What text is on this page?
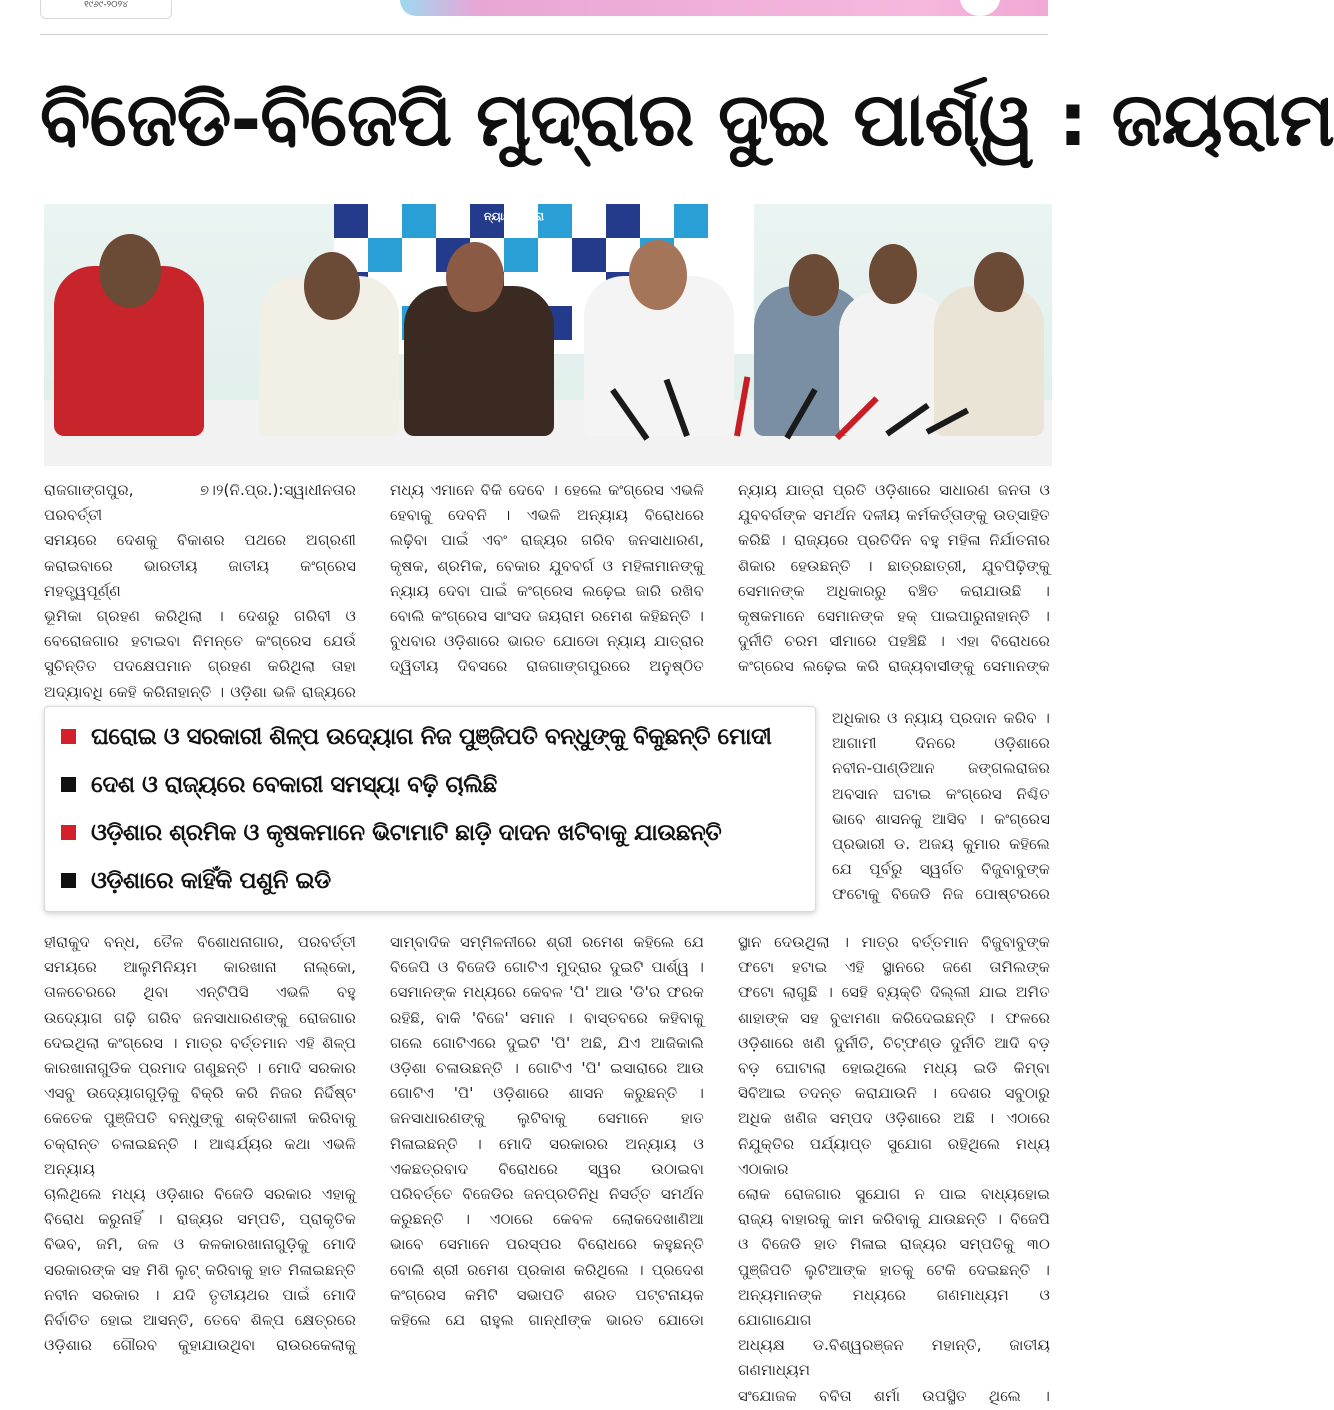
୧୯୬୯-୨୦୨୪
ବିଜେଡି-ବିଜେପି ମୁଦ୍ରାର ଦୁଇ ପାର୍ଶ୍ୱ : ଜୟରାମ
ନ୍ୟାୟ ଯାତ୍ରା

ରାଜଗାଙ୍ଗପୁର, ୭।୨(ନି.ପ୍ର.):ସ୍ୱାଧୀନତାର ପରବର୍ତ୍ତୀ

ସମୟରେ ଦେଶକୁ ବିକାଶର ପଥରେ ଅଗ୍ରଣୀ

କରାଇବାରେ ଭାରତୀୟ ଜାତୀୟ କଂଗ୍ରେସ ମହତ୍ତ୍ୱପୂର୍ଣ୍ଣ

ଭୂମିକା ଗ୍ରହଣ କରିଥିଲା । ଦେଶରୁ ଗରିବୀ ଓ

ବେରୋଜଗାର ହଟାଇବା ନିମନ୍ତେ କଂଗ୍ରେସ ଯେଉଁ

ସୁଚିନ୍ତିତ ପଦକ୍ଷେପମାନ ଗ୍ରହଣ କରିଥିଲା ତାହା

ଅଦ୍ୟାବଧି କେହି କରିନାହାନ୍ତି । ଓଡ଼ିଶା ଭଳି ରାଜ୍ୟରେ

ମଧ୍ୟ ଏମାନେ ବିକି ଦେବେ । ହେଲେ କଂଗ୍ରେସ ଏଭଳି

ହେବାକୁ ଦେବନି । ଏଭଳି ଅନ୍ୟାୟ ବିରୋଧରେ

ଲଢ଼ିବା ପାଇଁ ଏବଂ ରାଜ୍ୟର ଗରିବ ଜନସାଧାରଣ,

କୃଷକ, ଶ୍ରମିକ, ବେକାର ଯୁବବର୍ଗ ଓ ମହିଳାମାନଙ୍କୁ

ନ୍ୟାୟ ଦେବା ପାଇଁ କଂଗ୍ରେସ ଲଢ଼େଇ ଜାରି ରଖିବ

ବୋଲି କଂଗ୍ରେସ ସାଂସଦ ଜୟରାମ ରମେଶ କହିଛନ୍ତି ।

ବୁଧବାର ଓଡ଼ିଶାରେ ଭାରତ ଯୋଡୋ ନ୍ୟାୟ ଯାତ୍ରାର

ଦ୍ୱିତୀୟ ଦିବସରେ ରାଜଗାଙ୍ଗପୁରରେ ଅନୁଷ୍ଠିତ

ନ୍ୟାୟ ଯାତ୍ରା ପ୍ରତି ଓଡ଼ିଶାରେ ସାଧାରଣ ଜନତା ଓ

ଯୁବବର୍ଗଙ୍କ ସମର୍ଥନ ଦଳୀୟ କର୍ମକର୍ତ୍ତାଙ୍କୁ ଉତ୍ସାହିତ

କରିଛି । ରାଜ୍ୟରେ ପ୍ରତିଦିନ ବହୁ ମହିଳା ନିର୍ଯାତନାର

ଶିକାର ହେଉଛନ୍ତି । ଛାତ୍ରଛାତ୍ରୀ, ଯୁବପିଢ଼ିଙ୍କୁ

ସେମାନଙ୍କ ଅଧିକାରରୁ ବଞ୍ଚିତ କରାଯାଉଛି ।

କୃଷକମାନେ ସେମାନଙ୍କ ହକ୍ ପାଇପାରୁନାହାନ୍ତି ।

ଦୁର୍ନୀତି ଚରମ ସୀମାରେ ପହଞ୍ଚିଛି । ଏହା ବିରୋଧରେ

କଂଗ୍ରେସ ଲଢ଼େଇ କରି ରାଜ୍ୟବାସୀଙ୍କୁ ସେମାନଙ୍କ

ଅଧିକାର ଓ ନ୍ୟାୟ ପ୍ରଦାନ କରିବ ।

ଆଗାମୀ ଦିନରେ ଓଡ଼ିଶାରେ

ନବୀନ-ପାଣ୍ଡିଆନ ଜଙ୍ଗଲରାଜର

ଅବସାନ ଘଟାଇ କଂଗ୍ରେସ ନିଶ୍ଚିତ

ଭାବେ ଶାସନକୁ ଆସିବ । କଂଗ୍ରେସ

ପ୍ରଭାରୀ ଡ. ଅଜୟ କୁମାର କହିଲେ

ଯେ ପୂର୍ବରୁ ସ୍ୱର୍ଗତ ବିଜୁବାବୁଙ୍କ

ଫଟୋକୁ ବିଜେଡି ନିଜ ପୋଷ୍ଟରରେ

ଘରୋଇ ଓ ସରକାରୀ ଶିଳ୍ପ ଉଦ୍ୟୋଗ ନିଜ ପୁଞ୍ଜିପତି ବନ୍ଧୁଙ୍କୁ ବିକୁଛନ୍ତି ମୋଦୀ
ଦେଶ ଓ ରାଜ୍ୟରେ ବେକାରୀ ସମସ୍ୟା ବଢ଼ି ଚାଲିଛି
ଓଡ଼ିଶାର ଶ୍ରମିକ ଓ କୃଷକମାନେ ଭିଟାମାଟି ଛାଡ଼ି ଦାଦନ ଖଟିବାକୁ ଯାଉଛନ୍ତି
ଓଡ଼ିଶାରେ କାହିଁକି ପଶୁନି ଇଡି

ହୀରାକୁଦ ବନ୍ଧ, ତୈଳ ବିଶୋଧନାଗାର, ପରବର୍ତ୍ତୀ

ସମୟରେ ଆଲୁମିନିୟମ କାରଖାନା ନାଲ୍କୋ,

ତାଳଚେରରେ ଥିବା ଏନ୍‌ଟିପିସି ଏଭଳି ବହୁ

ଉଦ୍ୟୋଗ ଗଢ଼ି ଗରିବ ଜନସାଧାରଣଙ୍କୁ ରୋଜଗାର

ଦେଇଥିଲା କଂଗ୍ରେସ । ମାତ୍ର ବର୍ତ୍ତମାନ ଏହି ଶିଳ୍ପ

କାରଖାନାଗୁଡିକ ପ୍ରମାଦ ଗଣୁଛନ୍ତି । ମୋଦି ସରକାର

ଏସବୁ ଉଦ୍ୟୋଗଗୁଡ଼ିକୁ ବିକ୍ରି କରି ନିଜର ନିର୍ଦ୍ଦିଷ୍ଟ

କେତେକ ପୁଞ୍ଜିପତି ବନ୍ଧୁଙ୍କୁ ଶକ୍ତିଶାଳୀ କରିବାକୁ

ଚକ୍ରାନ୍ତ ଚଳାଇଛନ୍ତି । ଆଶ୍ଚର୍ଯ୍ୟର କଥା ଏଭଳି ଅନ୍ୟାୟ

ଚାଲିଥିଲେ ମଧ୍ୟ ଓଡ଼ିଶାର ବିଜେଡି ସରକାର ଏହାକୁ

ବିରୋଧ କରୁନାହିଁ । ରାଜ୍ୟର ସମ୍ପତି, ପ୍ରାକୃତିକ

ବିଭବ, ଜମି, ଜଳ ଓ କଳକାରଖାନାଗୁଡ଼ିକୁ ମୋଦି

ସରକାରଙ୍କ ସହ ମିଶି ଲୁଟ୍ କରିବାକୁ ହାତ ମିଳାଇଛନ୍ତି

ନବୀନ ସରକାର । ଯଦି ତୃତୀୟଥର ପାଇଁ ମୋଦି

ନିର୍ବାଚିତ ହୋଇ ଆସନ୍ତି, ତେବେ ଶିଳ୍ପ କ୍ଷେତ୍ରରେ

ଓଡ଼ିଶାର ଗୌରବ କୁହାଯାଉଥିବା ରାଉରକେଲାକୁ

ସାମ୍ବାଦିକ ସମ୍ମିଳନୀରେ ଶ୍ରୀ ରମେଶ କହିଲେ ଯେ

ବିଜେପି ଓ ବିଜେଡି ଗୋଟିଏ ମୁଦ୍ରାର ଦୁଇଟି ପାର୍ଶ୍ୱ ।

ସେମାନଙ୍କ ମଧ୍ୟରେ କେବଳ 'ପି' ଆଉ 'ଡି'ର ଫରକ

ରହିଛି, ବାକି 'ବିଜେ' ସମାନ । ବାସ୍ତବରେ କହିବାକୁ

ଗଲେ ଗୋଟିଏରେ ଦୁଇଟି 'ପି' ଅଛି, ଯିଏ ଆଜିକାଲି

ଓଡ଼ିଶା ଚଳାଉଛନ୍ତି । ଗୋଟିଏ 'ପି' ଇସାରାରେ ଆଉ

ଗୋଟିଏ 'ପି' ଓଡ଼ିଶାରେ ଶାସନ କରୁଛନ୍ତି ।

ଜନସାଧାରଣଙ୍କୁ ଲୁଟିବାକୁ ସେମାନେ ହାତ

ମିଳାଇଛନ୍ତି । ମୋଦି ସରକାରର ଅନ୍ୟାୟ ଓ

ଏକଛତ୍ରବାଦ ବିରୋଧରେ ସ୍ୱର ଉଠାଇବା

ପରିବର୍ତ୍ତେ ବିଜେଡିର ଜନପ୍ରତିନିଧି ନିସର୍ତ୍ତ ସମର୍ଥନ

କରୁଛନ୍ତି । ଏଠାରେ କେବଳ ଲୋକଦେଖାଣିଆ

ଭାବେ ସେମାନେ ପରସ୍ପର ବିରୋଧରେ କହୁଛନ୍ତି

ବୋଲି ଶ୍ରୀ ରମେଶ ପ୍ରକାଶ କରିଥିଲେ । ପ୍ରଦେଶ

କଂଗ୍ରେସ କମିଟି ସଭାପତି ଶରତ ପଟ୍ଟନାୟକ

କହିଲେ ଯେ ରାହୁଲ ଗାନ୍ଧୀଙ୍କ ଭାରତ ଯୋଡୋ

ସ୍ଥାନ ଦେଉଥିଲା । ମାତ୍ର ବର୍ତ୍ତମାନ ବିଜୁବାବୁଙ୍କ

ଫଟୋ ହଟାଇ ଏହି ସ୍ଥାନରେ ଜଣେ ତାମିଲଙ୍କ

ଫଟୋ ଲାଗୁଛି । ସେହି ବ୍ୟକ୍ତି ଦିଲ୍ଲୀ ଯାଇ ଅମିତ

ଶାହାଙ୍କ ସହ ବୁଝାମଣା କରିଦେଇଛନ୍ତି । ଫଳରେ

ଓଡ଼ିଶାରେ ଖଣି ଦୁର୍ନୀତି, ଚିଟ୍‌ଫଣ୍ଡ ଦୁର୍ନୀତି ଆଦି ବଡ଼

ବଡ଼ ଘୋଟାଲା ହୋଇଥିଲେ ମଧ୍ୟ ଇଡି କିମ୍ବା

ସିବିଆଇ ତଦନ୍ତ କରାଯାଉନି । ଦେଶର ସବୁଠାରୁ

ଅଧିକ ଖଣିଜ ସମ୍ପଦ ଓଡ଼ିଶାରେ ଅଛି । ଏଠାରେ

ନିଯୁକ୍ତିର ପର୍ଯ୍ୟାପ୍ତ ସୁଯୋଗ ରହିଥିଲେ ମଧ୍ୟ ଏଠାକାର

ଲୋକ ରୋଜଗାର ସୁଯୋଗ ନ ପାଇ ବାଧ୍ୟହୋଇ

ରାଜ୍ୟ ବାହାରକୁ କାମ କରିବାକୁ ଯାଉଛନ୍ତି । ବିଜେପି

ଓ ବିଜେଡି ହାତ ମିଳାଇ ରାଜ୍ୟର ସମ୍ପତିକୁ ୩୦

ପୁଞ୍ଜିପତି ଲୁଟିଆଙ୍କ ହାତକୁ ଟେକି ଦେଇଛନ୍ତି ।

ଅନ୍ୟମାନଙ୍କ ମଧ୍ୟରେ ଗଣମାଧ୍ୟମ ଓ ଯୋଗାଯୋଗ

ଅଧ୍ୟକ୍ଷ ଡ.ବିଶ୍ୱରଞ୍ଜନ ମହାନ୍ତି, ଜାତୀୟ ଗଣମାଧ୍ୟମ

ସଂଯୋଜକ ବବିତା ଶର୍ମା ଉପସ୍ଥିତ ଥିଲେ ।
